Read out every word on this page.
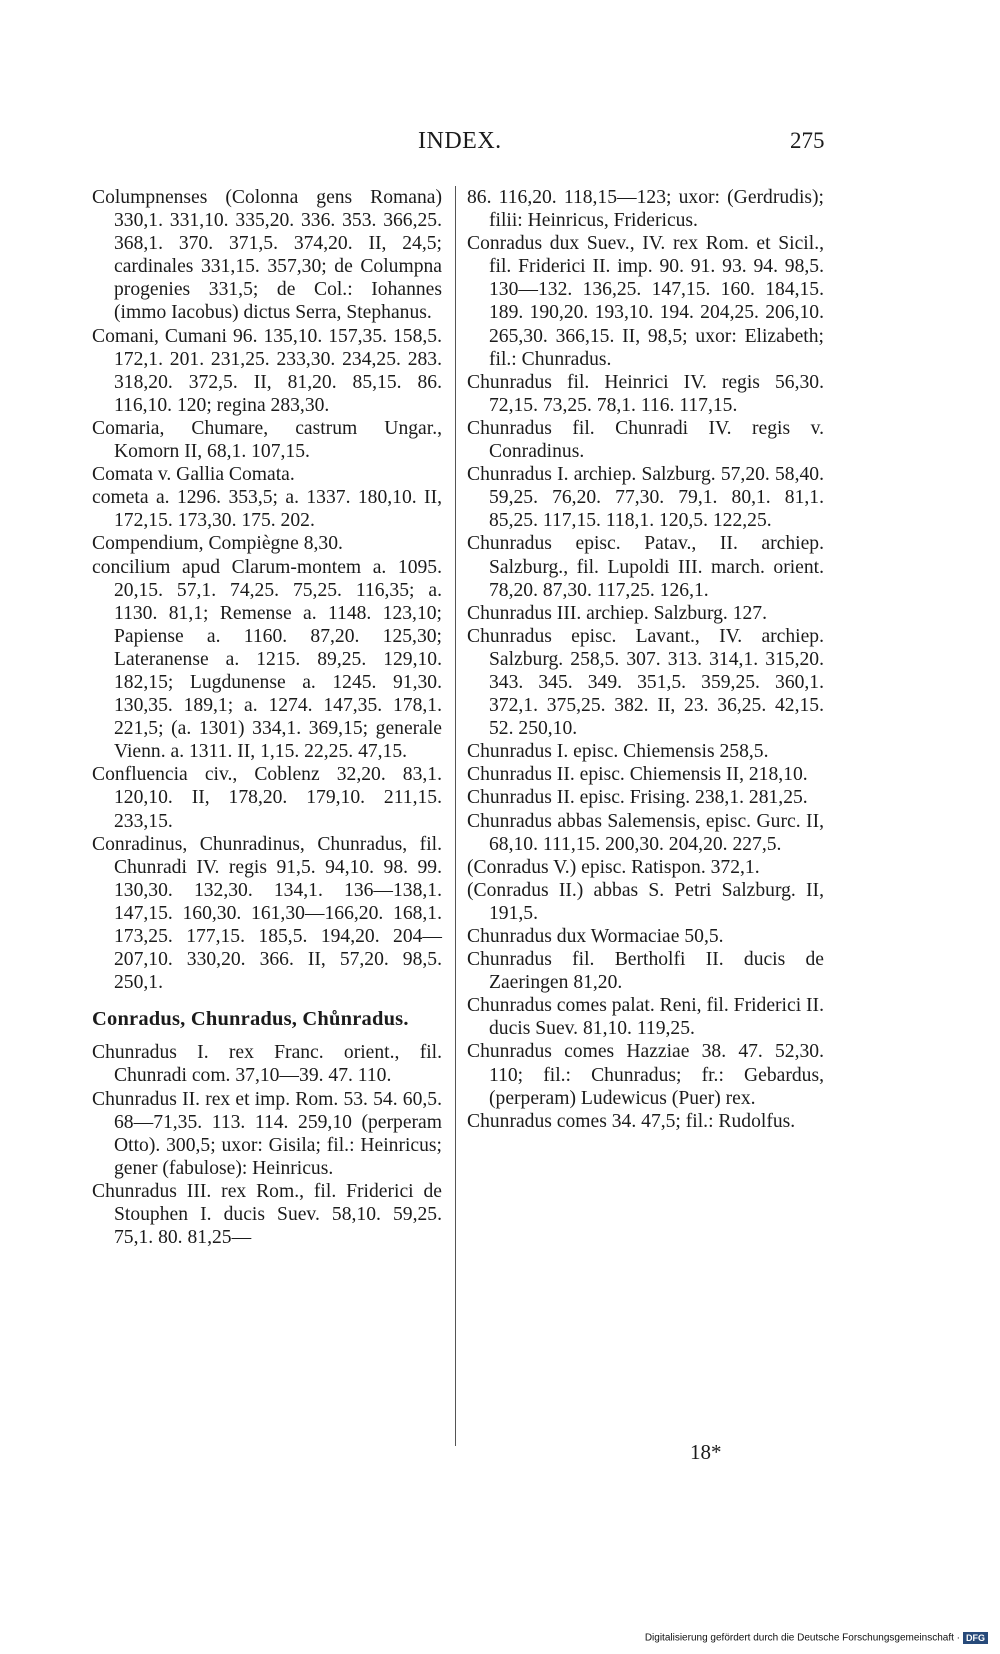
INDEX.	275
Columpnenses (Colonna gens Romana) 330,1. 331,10. 335,20. 336. 353. 366,25. 368,1. 370. 371,5. 374,20. II, 24,5; cardinales 331,15. 357,30; de Columpna progenies 331,5; de Col.: Iohannes (immo Iacobus) dictus Serra, Stephanus.
Comani, Cumani 96. 135,10. 157,35. 158,5. 172,1. 201. 231,25. 233,30. 234,25. 283. 318,20. 372,5. II, 81,20. 85,15. 86. 116,10. 120; regina 283,30.
Comaria, Chumare, castrum Ungar., Komorn II, 68,1. 107,15.
Comata v. Gallia Comata.
cometa a. 1296. 353,5; a. 1337. 180,10. II, 172,15. 173,30. 175. 202.
Compendium, Compiègne 8,30.
concilium apud Clarum-montem a. 1095. 20,15. 57,1. 74,25. 75,25. 116,35; a. 1130. 81,1; Remense a. 1148. 123,10; Papiense a. 1160. 87,20. 125,30; Lateranense a. 1215. 89,25. 129,10. 182,15; Lugdunense a. 1245. 91,30. 130,35. 189,1; a. 1274. 147,35. 178,1. 221,5; (a. 1301) 334,1. 369,15; generale Vienn. a. 1311. II, 1,15. 22,25. 47,15.
Confluencia civ., Coblenz 32,20. 83,1. 120,10. II, 178,20. 179,10. 211,15. 233,15.
Conradinus, Chunradinus, Chunradus, fil. Chunradi IV. regis 91,5. 94,10. 98. 99. 130,30. 132,30. 134,1. 136—138,1. 147,15. 160,30. 161,30—166,20. 168,1. 173,25. 177,15. 185,5. 194,20. 204—207,10. 330,20. 366. II, 57,20. 98,5. 250,1.
Conradus, Chunradus, Chůnradus.
Chunradus I. rex Franc. orient., fil. Chunradi com. 37,10—39. 47. 110.
Chunradus II. rex et imp. Rom. 53. 54. 60,5. 68—71,35. 113. 114. 259,10 (perperam Otto). 300,5; uxor: Gisila; fil.: Heinricus; gener (fabulose): Heinricus.
Chunradus III. rex Rom., fil. Friderici de Stouphen I. ducis Suev. 58,10. 59,25. 75,1. 80. 81,25—
86. 116,20. 118,15—123; uxor: (Gerdrudis); filii: Heinricus, Fridericus.
Conradus dux Suev., IV. rex Rom. et Sicil., fil. Friderici II. imp. 90. 91. 93. 94. 98,5. 130—132. 136,25. 147,15. 160. 184,15. 189. 190,20. 193,10. 194. 204,25. 206,10. 265,30. 366,15. II, 98,5; uxor: Elizabeth; fil.: Chunradus.
Chunradus fil. Heinrici IV. regis 56,30. 72,15. 73,25. 78,1. 116. 117,15.
Chunradus fil. Chunradi IV. regis v. Conradinus.
Chunradus I. archiep. Salzburg. 57,20. 58,40. 59,25. 76,20. 77,30. 79,1. 80,1. 81,1. 85,25. 117,15. 118,1. 120,5. 122,25.
Chunradus episc. Patav., II. archiep. Salzburg., fil. Lupoldi III. march. orient. 78,20. 87,30. 117,25. 126,1.
Chunradus III. archiep. Salzburg. 127.
Chunradus episc. Lavant., IV. archiep. Salzburg. 258,5. 307. 313. 314,1. 315,20. 343. 345. 349. 351,5. 359,25. 360,1. 372,1. 375,25. 382. II, 23. 36,25. 42,15. 52. 250,10.
Chunradus I. episc. Chiemensis 258,5.
Chunradus II. episc. Chiemensis II, 218,10.
Chunradus II. episc. Frising. 238,1. 281,25.
Chunradus abbas Salemensis, episc. Gurc. II, 68,10. 111,15. 200,30. 204,20. 227,5.
(Conradus V.) episc. Ratispon. 372,1.
(Conradus II.) abbas S. Petri Salzburg. II, 191,5.
Chunradus dux Wormaciae 50,5.
Chunradus fil. Bertholfi II. ducis de Zaeringen 81,20.
Chunradus comes palat. Reni, fil. Friderici II. ducis Suev. 81,10. 119,25.
Chunradus comes Hazziae 38. 47. 52,30. 110; fil.: Chunradus; fr.: Gebardus, (perperam) Ludewicus (Puer) rex.
Chunradus comes 34. 47,5; fil.: Rudolfus.
18*
Digitalisierung gefördert durch die Deutsche Forschungsgemeinschaft · DFG
